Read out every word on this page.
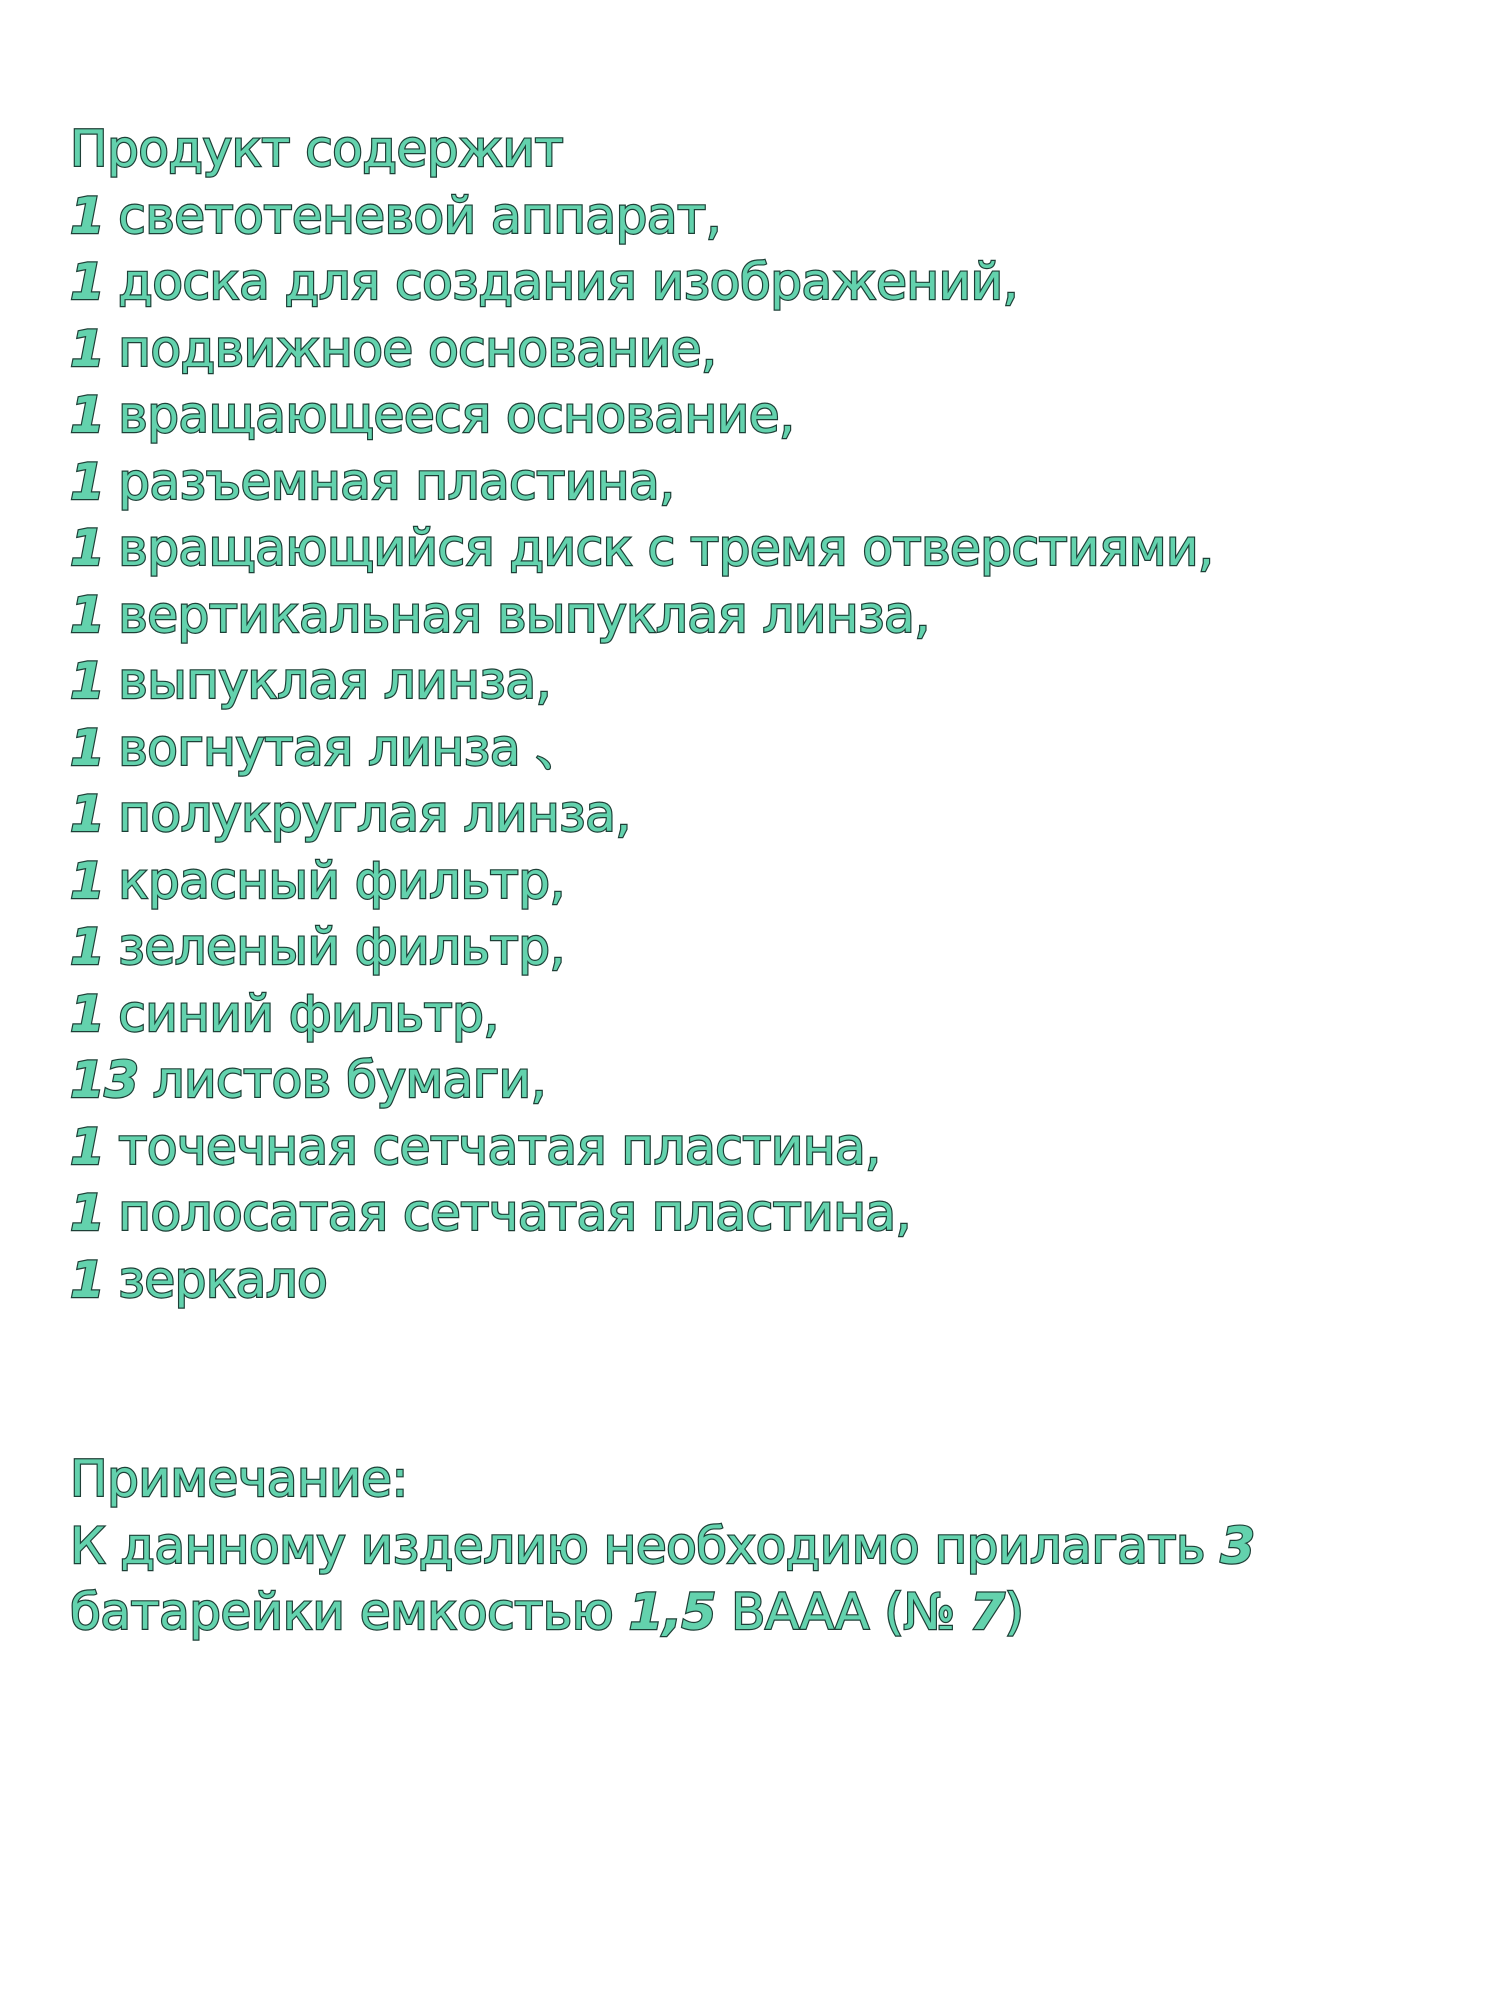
Продукт содержит
1 светотеневой аппарат,
1 доска для создания изображений,
1 подвижное основание,
1 вращающееся основание,
1 разъемная пластина,
1 вращающийся диск с тремя отверстиями,
1 вертикальная выпуклая линза,
1 выпуклая линза,
1 вогнутая линза 、
1 полукруглая линза,
1 красный фильтр,
1 зеленый фильтр,
1 синий фильтр,
13 листов бумаги,
1 точечная сетчатая пластина,
1 полосатая сетчатая пластина,
1 зеркало
Примечание:
К данному изделию необходимо прилагать 3 батарейки емкостью 1,5 BAAA (№ 7)
